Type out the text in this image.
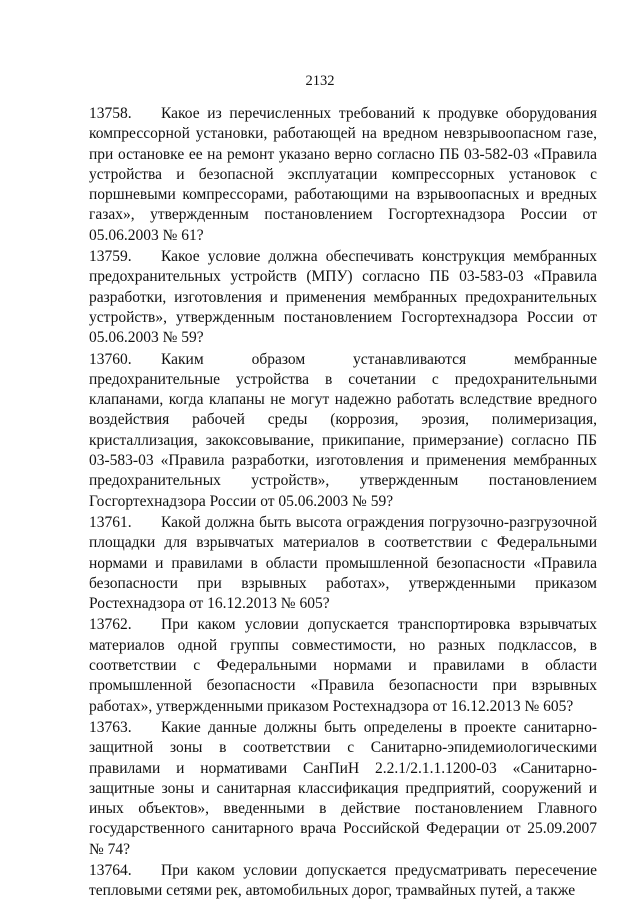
2132

13758. Какое из перечисленных требований к продувке оборудования компрессорной установки, работающей на вредном невзрывоопасном газе, при остановке ее на ремонт указано верно согласно ПБ 03-582-03 «Правила устройства и безопасной эксплуатации компрессорных установок с поршневыми компрессорами, работающими на взрывоопасных и вредных газах», утвержденным постановлением Госгортехнадзора России от 05.06.2003 № 61?

13759. Какое условие должна обеспечивать конструкция мембранных предохранительных устройств (МПУ) согласно ПБ 03-583-03 «Правила разработки, изготовления и применения мембранных предохранительных устройств», утвержденным постановлением Госгортехнадзора России от 05.06.2003 № 59?

13760. Каким образом устанавливаются мембранные предохранительные устройства в сочетании с предохранительными клапанами, когда клапаны не могут надежно работать вследствие вредного воздействия рабочей среды (коррозия, эрозия, полимеризация, кристаллизация, закоксовывание, прикипание, примерзание) согласно ПБ 03-583-03 «Правила разработки, изготовления и применения мембранных предохранительных устройств», утвержденным постановлением Госгортехнадзора России от 05.06.2003 № 59?

13761. Какой должна быть высота ограждения погрузочно-разгрузочной площадки для взрывчатых материалов в соответствии с Федеральными нормами и правилами в области промышленной безопасности «Правила безопасности при взрывных работах», утвержденными приказом Ростехнадзора от 16.12.2013 № 605?

13762. При каком условии допускается транспортировка взрывчатых материалов одной группы совместимости, но разных подклассов, в соответствии с Федеральными нормами и правилами в области промышленной безопасности «Правила безопасности при взрывных работах», утвержденными приказом Ростехнадзора от 16.12.2013 № 605?

13763. Какие данные должны быть определены в проекте санитарно-защитной зоны в соответствии с Санитарно-эпидемиологическими правилами и нормативами СанПиН 2.2.1/2.1.1.1200-03 «Санитарно-защитные зоны и санитарная классификация предприятий, сооружений и иных объектов», введенными в действие постановлением Главного государственного санитарного врача Российской Федерации от 25.09.2007 № 74?

13764. При каком условии допускается предусматривать пересечение тепловыми сетями рек, автомобильных дорог, трамвайных путей, а также
